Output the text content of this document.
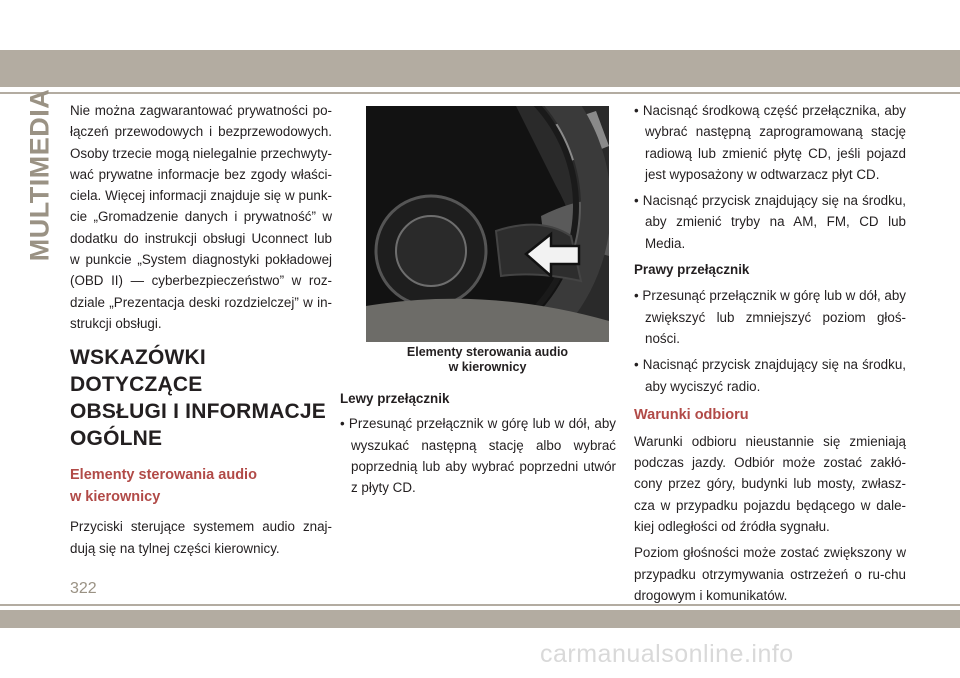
MULTIMEDIA Nie można zagwarantować prywatności po-łączeń przewodowych i bezprzewodowych. Osoby trzecie mogą nielegalnie przechwyty-wać prywatne informacje bez zgody właści-ciela. Więcej informacji znajduje się w punk-cie „Gromadzenie danych i prywatność” w dodatku do instrukcji obsługi Uconnect lub w punkcie „System diagnostyki pokładowej (OBD II) — cyberbezpieczeństwo” w roz-dziale „Prezentacja deski rozdzielczej” w in-strukcji obsługi.

WSKAZÓWKI DOTYCZĄCE
OBSŁUGI I INFORMACJE
OGÓLNE
Elementy sterowania audio
w kierownicy

Przyciski sterujące systemem audio znaj-dują się na tylnej części kierownicy.

Elementy sterowania audio
w kierownicy
Lewy przełącznik

• Przesunąć przełącznik w górę lub w dół, aby wyszukać następną stację albo wybrać poprzednią lub aby wybrać poprzedni utwór z płyty CD.

• Nacisnąć środkową część przełącznika, aby wybrać następną zaprogramowaną stację radiową lub zmienić płytę CD, jeśli pojazd jest wyposażony w odtwarzacz płyt CD.

• Nacisnąć przycisk znajdujący się na środku, aby zmienić tryby na AM, FM, CD lub Media.

Prawy przełącznik

• Przesunąć przełącznik w górę lub w dół, aby zwiększyć lub zmniejszyć poziom głoś-ności.

• Nacisnąć przycisk znajdujący się na środku, aby wyciszyć radio.

Warunki odbioru

Warunki odbioru nieustannie się zmieniają podczas jazdy. Odbiór może zostać zakłó-cony przez góry, budynki lub mosty, zwłasz-cza w przypadku pojazdu będącego w dale-kiej odległości od źródła sygnału.

Poziom głośności może zostać zwiększony w przypadku otrzymywania ostrzeżeń o ru-chu drogowym i komunikatów.

322
carmanualsonline.info
